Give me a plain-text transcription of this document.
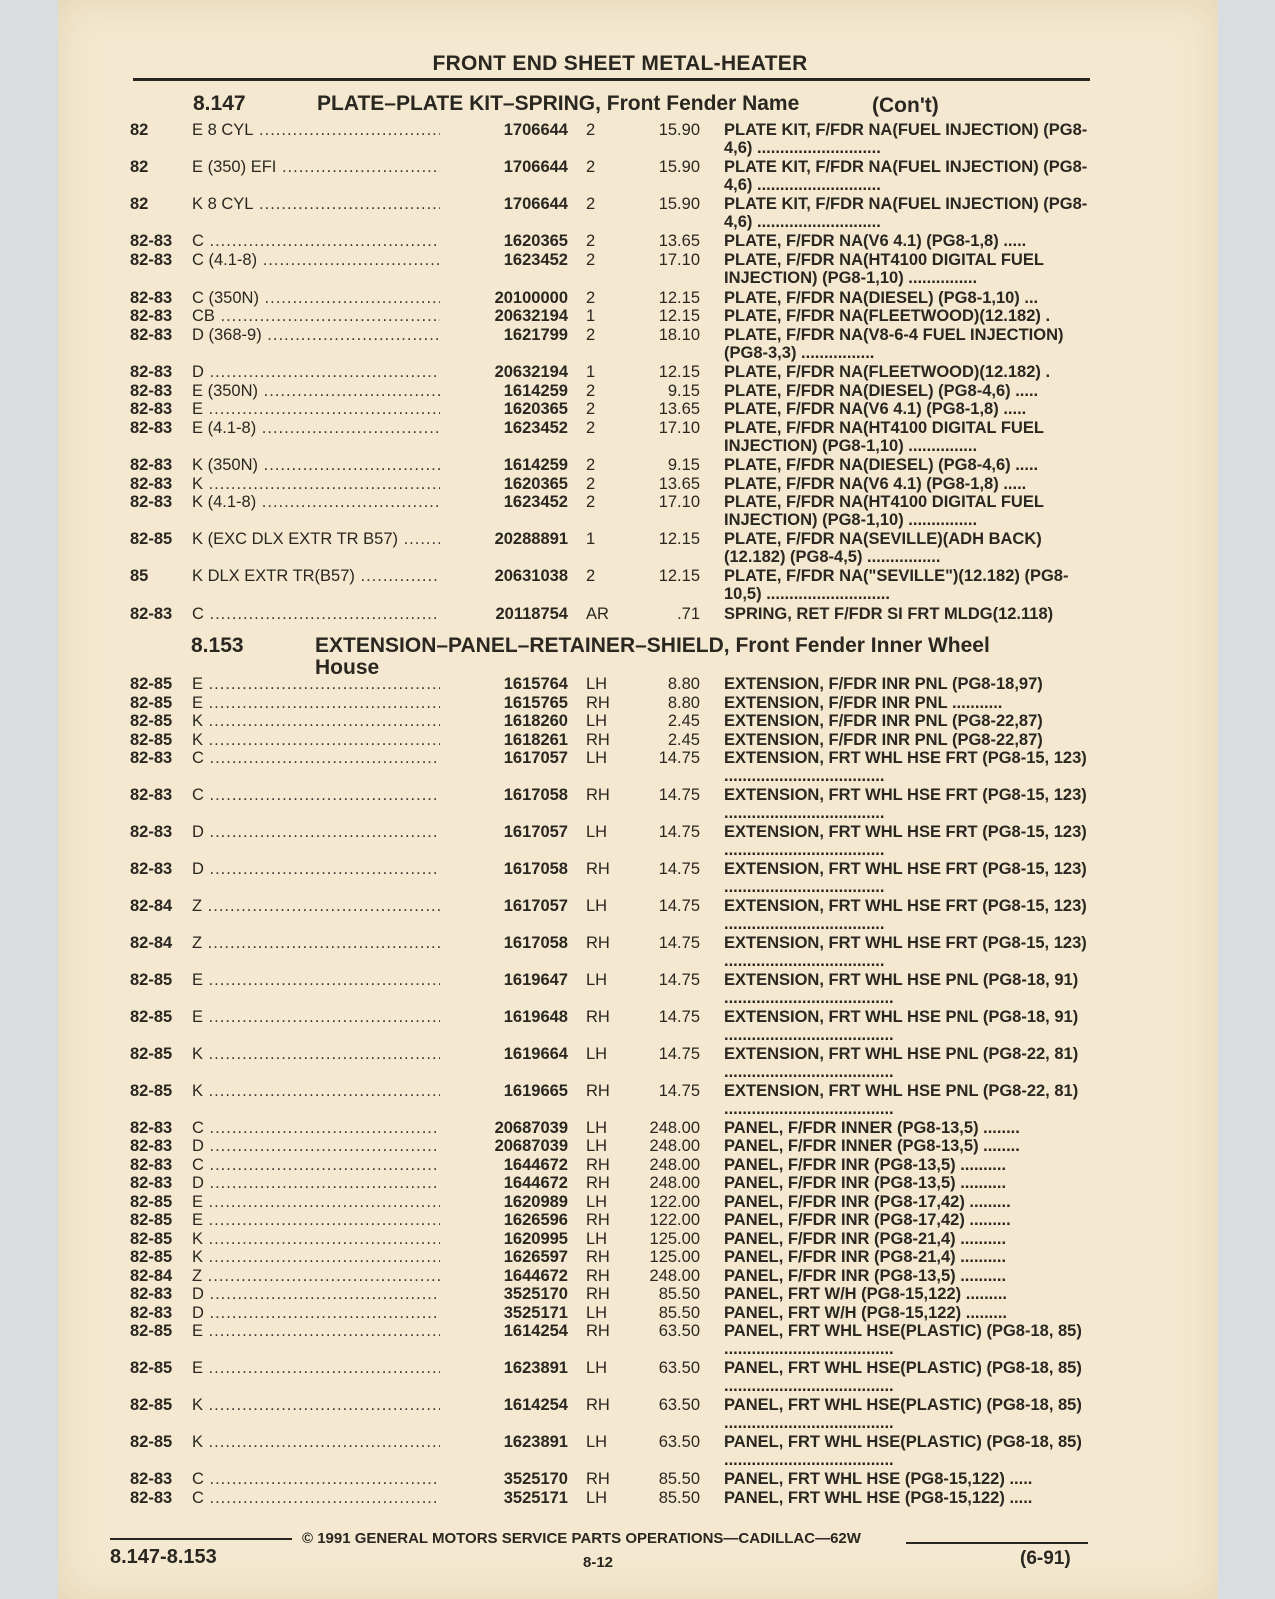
FRONT END SHEET METAL-HEATER
8.147	PLATE–PLATE KIT–SPRING, Front Fender Name	(Con't)
82	E 8 CYL .....	1706644 2	15.90 PLATE KIT, F/FDR NA(FUEL INJECTION) (PG8-4,6) ...........................
82	E (350) EFI .....	1706644 2	15.90 PLATE KIT, F/FDR NA(FUEL INJECTION) (PG8-4,6) ...........................
82	K 8 CYL .....	1706644 2	15.90 PLATE KIT, F/FDR NA(FUEL INJECTION) (PG8-4,6) ...........................
82-83 C .....	1620365 2	13.65 PLATE, F/FDR NA(V6 4.1) (PG8-1,8) .....
82-83 C (4.1-8) .....	1623452 2	17.10 PLATE, F/FDR NA(HT4100 DIGITAL FUEL INJECTION) (PG8-1,10) ...............
82-83 C (350N) .....	20100000 2	12.15 PLATE, F/FDR NA(DIESEL) (PG8-1,10) ...
82-83 CB .....	20632194 1	12.15 PLATE, F/FDR NA(FLEETWOOD)(12.182) .
82-83 D (368-9) .....	1621799 2	18.10 PLATE, F/FDR NA(V8-6-4 FUEL INJECTION) (PG8-3,3) ................
82-83 D .....	20632194 1	12.15 PLATE, F/FDR NA(FLEETWOOD)(12.182) .
82-83 E (350N) .....	1614259 2	9.15 PLATE, F/FDR NA(DIESEL) (PG8-4,6) .....
82-83 E .....	1620365 2	13.65 PLATE, F/FDR NA(V6 4.1) (PG8-1,8) .....
82-83 E (4.1-8) .....	1623452 2	17.10 PLATE, F/FDR NA(HT4100 DIGITAL FUEL INJECTION) (PG8-1,10) ...............
82-83 K (350N) .....	1614259 2	9.15 PLATE, F/FDR NA(DIESEL) (PG8-4,6) .....
82-83 K .....	1620365 2	13.65 PLATE, F/FDR NA(V6 4.1) (PG8-1,8) .....
82-83 K (4.1-8) .....	1623452 2	17.10 PLATE, F/FDR NA(HT4100 DIGITAL FUEL INJECTION) (PG8-1,10) ...............
82-85 K (EXC DLX EXTR TR B57) .....	20288891 1	12.15 PLATE, F/FDR NA(SEVILLE)(ADH BACK) (12.182) (PG8-4,5) ................
85	K DLX EXTR TR(B57) .....	20631038 2	12.15 PLATE, F/FDR NA("SEVILLE")(12.182) (PG8-10,5) ...........................
82-83 C .....	20118754 AR	.71 SPRING, RET F/FDR SI FRT MLDG(12.118)
8.153	EXTENSION–PANEL–RETAINER–SHIELD, Front Fender Inner Wheel
House
82-85 E .....	1615764 LH	8.80 EXTENSION, F/FDR INR PNL (PG8-18,97)
82-85 E .....	1615765 RH	8.80 EXTENSION, F/FDR INR PNL ...........
82-85 K .....	1618260 LH	2.45 EXTENSION, F/FDR INR PNL (PG8-22,87)
82-85 K .....	1618261 RH	2.45 EXTENSION, F/FDR INR PNL (PG8-22,87)
82-83 C .....	1617057 LH	14.75 EXTENSION, FRT WHL HSE FRT (PG8-15, 123) ...................................
82-83 C .....	1617058 RH	14.75 EXTENSION, FRT WHL HSE FRT (PG8-15, 123) ...................................
82-83 D .....	1617057 LH	14.75 EXTENSION, FRT WHL HSE FRT (PG8-15, 123) ...................................
82-83 D .....	1617058 RH	14.75 EXTENSION, FRT WHL HSE FRT (PG8-15, 123) ...................................
82-84 Z .....	1617057 LH	14.75 EXTENSION, FRT WHL HSE FRT (PG8-15, 123) ...................................
82-84 Z .....	1617058 RH	14.75 EXTENSION, FRT WHL HSE FRT (PG8-15, 123) ...................................
82-85 E .....	1619647 LH	14.75 EXTENSION, FRT WHL HSE PNL (PG8-18, 91) .....................................
82-85 E .....	1619648 RH	14.75 EXTENSION, FRT WHL HSE PNL (PG8-18, 91) .....................................
82-85 K .....	1619664 LH	14.75 EXTENSION, FRT WHL HSE PNL (PG8-22, 81) .....................................
82-85 K .....	1619665 RH	14.75 EXTENSION, FRT WHL HSE PNL (PG8-22, 81) .....................................
82-83 C .....	20687039 LH	248.00 PANEL, F/FDR INNER (PG8-13,5) ........
82-83 D .....	20687039 LH	248.00 PANEL, F/FDR INNER (PG8-13,5) ........
82-83 C .....	1644672 RH	248.00 PANEL, F/FDR INR (PG8-13,5) ..........
82-83 D .....	1644672 RH	248.00 PANEL, F/FDR INR (PG8-13,5) ..........
82-85 E .....	1620989 LH	122.00 PANEL, F/FDR INR (PG8-17,42) .........
82-85 E .....	1626596 RH	122.00 PANEL, F/FDR INR (PG8-17,42) .........
82-85 K .....	1620995 LH	125.00 PANEL, F/FDR INR (PG8-21,4) ..........
82-85 K .....	1626597 RH	125.00 PANEL, F/FDR INR (PG8-21,4) ..........
82-84 Z .....	1644672 RH	248.00 PANEL, F/FDR INR (PG8-13,5) ..........
82-83 D .....	3525170 RH	85.50 PANEL, FRT W/H (PG8-15,122) .........
82-83 D .....	3525171 LH	85.50 PANEL, FRT W/H (PG8-15,122) .........
82-85 E .....	1614254 RH	63.50 PANEL, FRT WHL HSE(PLASTIC) (PG8-18, 85) .....................................
82-85 E .....	1623891 LH	63.50 PANEL, FRT WHL HSE(PLASTIC) (PG8-18, 85) .....................................
82-85 K .....	1614254 RH	63.50 PANEL, FRT WHL HSE(PLASTIC) (PG8-18, 85) .....................................
82-85 K .....	1623891 LH	63.50 PANEL, FRT WHL HSE(PLASTIC) (PG8-18, 85) .....................................
82-83 C .....	3525170 RH	85.50 PANEL, FRT WHL HSE (PG8-15,122) .....
82-83 C .....	3525171 LH	85.50 PANEL, FRT WHL HSE (PG8-15,122) .....
© 1991 GENERAL MOTORS SERVICE PARTS OPERATIONS—CADILLAC—62W
8.147-8.153	8-12	(6-91)
